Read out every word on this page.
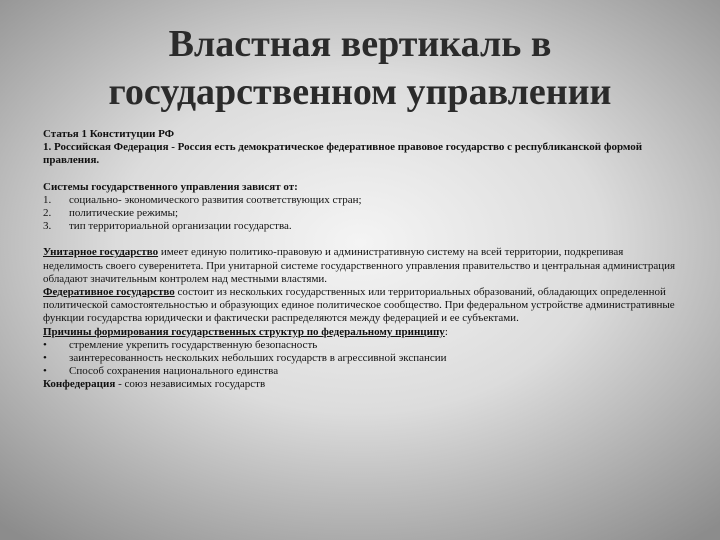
Властная вертикаль в
государственном управлении

Статья 1 Конституции РФ
1. Российская Федерация - Россия есть демократическое федеративное правовое государство с республиканской формой правления.

Системы государственного управления зависят от:
1.	социально- экономического развития соответствующих стран;
2.	политические режимы;
3.	тип территориальной организации государства.

Унитарное государство имеет единую политико-правовую и административную систему на всей территории, подкрепивая неделимость своего суверенитета. При унитарной системе государственного управления правительство и центральная администрация обладают значительным контролем над местными властями.

Федеративное государство состоит из нескольких государственных или территориальных образований, обладающих определенной политической самостоятельностью и образующих единое политическое сообщество. При федеральном устройстве административные функции государства юридически и фактически распределяются между федерацией и ее субъектами.

Причины формирования государственных структур по федеральному принципу:
•	стремление укрепить государственную безопасность
•	заинтересованность нескольких небольших государств в агрессивной экспансии
•	Способ сохранения национального единства

Конфедерация - союз независимых государств
